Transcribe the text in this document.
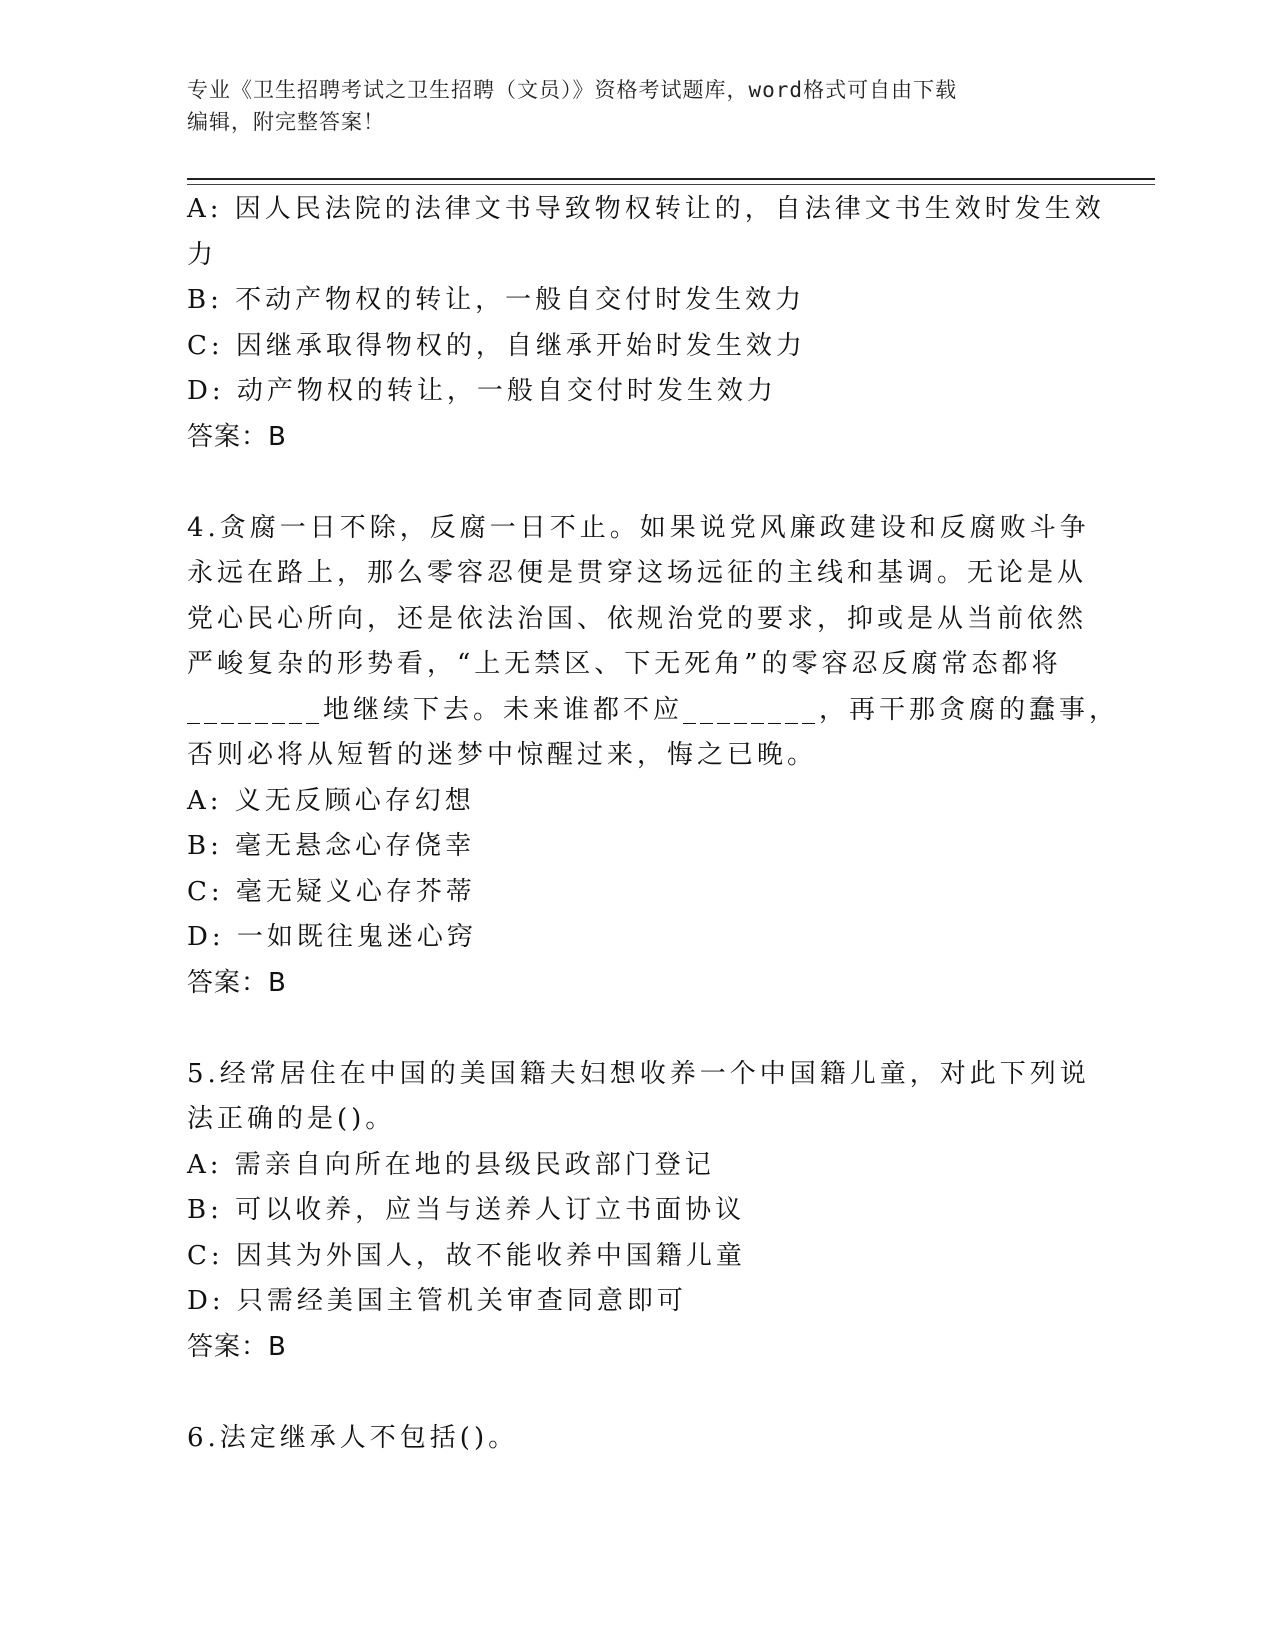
专业《卫生招聘考试之卫生招聘（文员）》资格考试题库，word格式可自由下载
编辑，附完整答案！
A: 因人民法院的法律文书导致物权转让的，自法律文书生效时发生效
力
B: 不动产物权的转让，一般自交付时发生效力
C: 因继承取得物权的，自继承开始时发生效力
D: 动产物权的转让，一般自交付时发生效力
答案：B
4.贪腐一日不除，反腐一日不止。如果说党风廉政建设和反腐败斗争
永远在路上，那么零容忍便是贯穿这场远征的主线和基调。无论是从
党心民心所向，还是依法治国、依规治党的要求，抑或是从当前依然
严峻复杂的形势看，“上无禁区、下无死角”的零容忍反腐常态都将
________地继续下去。未来谁都不应________，再干那贪腐的蠢事，
否则必将从短暂的迷梦中惊醒过来，悔之已晚。
A: 义无反顾心存幻想
B: 毫无悬念心存侥幸
C: 毫无疑义心存芥蒂
D: 一如既往鬼迷心窍
答案：B
5.经常居住在中国的美国籍夫妇想收养一个中国籍儿童，对此下列说
法正确的是()。
A: 需亲自向所在地的县级民政部门登记
B: 可以收养，应当与送养人订立书面协议
C: 因其为外国人，故不能收养中国籍儿童
D: 只需经美国主管机关审查同意即可
答案：B
6.法定继承人不包括()。
